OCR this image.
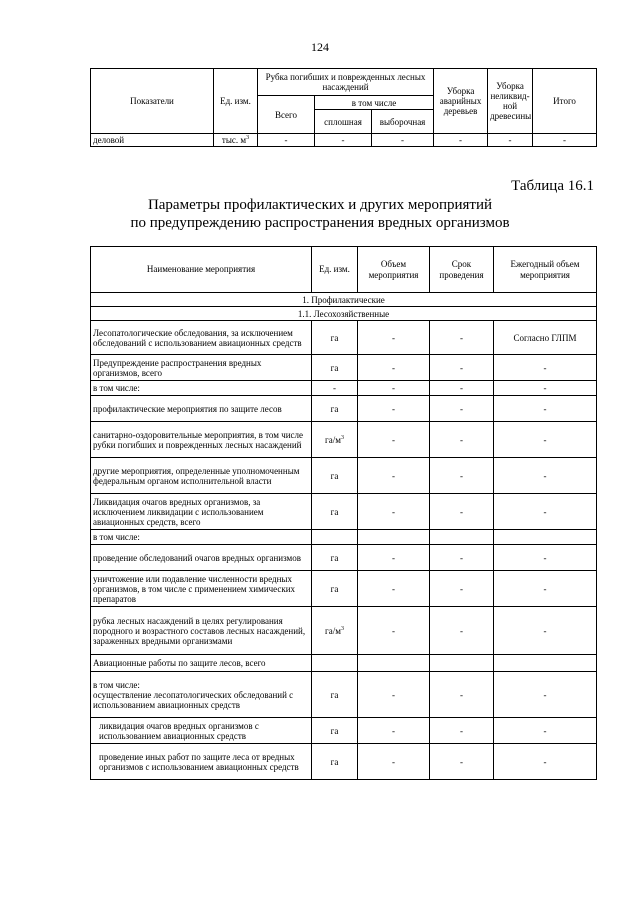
124
Показатели	Ед. изм.	Рубка погибших и поврежденных лесных насаждений			Уборка аварийных деревьев	Уборка неликвид- ной древесины	Итого
		Всего	в том числе				
			сплошная	выборочная			
деловой	тыс. $м^3$	-	-	-	-	-	-
Таблица 16.1
Параметры профилактических и других мероприятий
по предупреждению распространения вредных организмов
Наименование мероприятия	Ед. изм.	Объем мероприятия	Срок проведения	Ежегодный объем мероприятия
1. Профилактические				
1.1. Лесохозяйственные				
Лесопатологические обследования, за исключением обследований с использованием авиационных средств	га	-	-	Согласно ГЛПМ
Предупреждение распространения вредных организмов, всего	га	-	-	-
в том числе:	-	-	-	-
профилактические мероприятия по защите лесов	га	-	-	-
санитарно-оздоровительные мероприятия, в том числе рубки погибших и поврежденных лесных насаждений	$га/м^3$	-	-	-
другие мероприятия, определенные уполномоченным федеральным органом исполнительной власти	га	-	-	-
Ликвидация очагов вредных организмов, за исключением ликвидации с использованием авиационных средств, всего	га	-	-	-
в том числе:				
проведение обследований очагов вредных организмов	га	-	-	-
уничтожение или подавление численности вредных организмов, в том числе с применением химических препаратов	га	-	-	-
рубка лесных насаждений в целях регулирования породного и возрастного составов лесных насаждений, зараженных вредными организмами	$га/м^3$	-	-	-
Авиационные работы по защите лесов, всего				

в том числе:
осуществление лесопатологических обследований с использованием авиационных средств	га	-	-	-
ликвидация очагов вредных организмов с использованием авиационных средств	га	-	-	-
проведение иных работ по защите леса от вредных организмов с использованием авиационных средств	га	-	-	-
